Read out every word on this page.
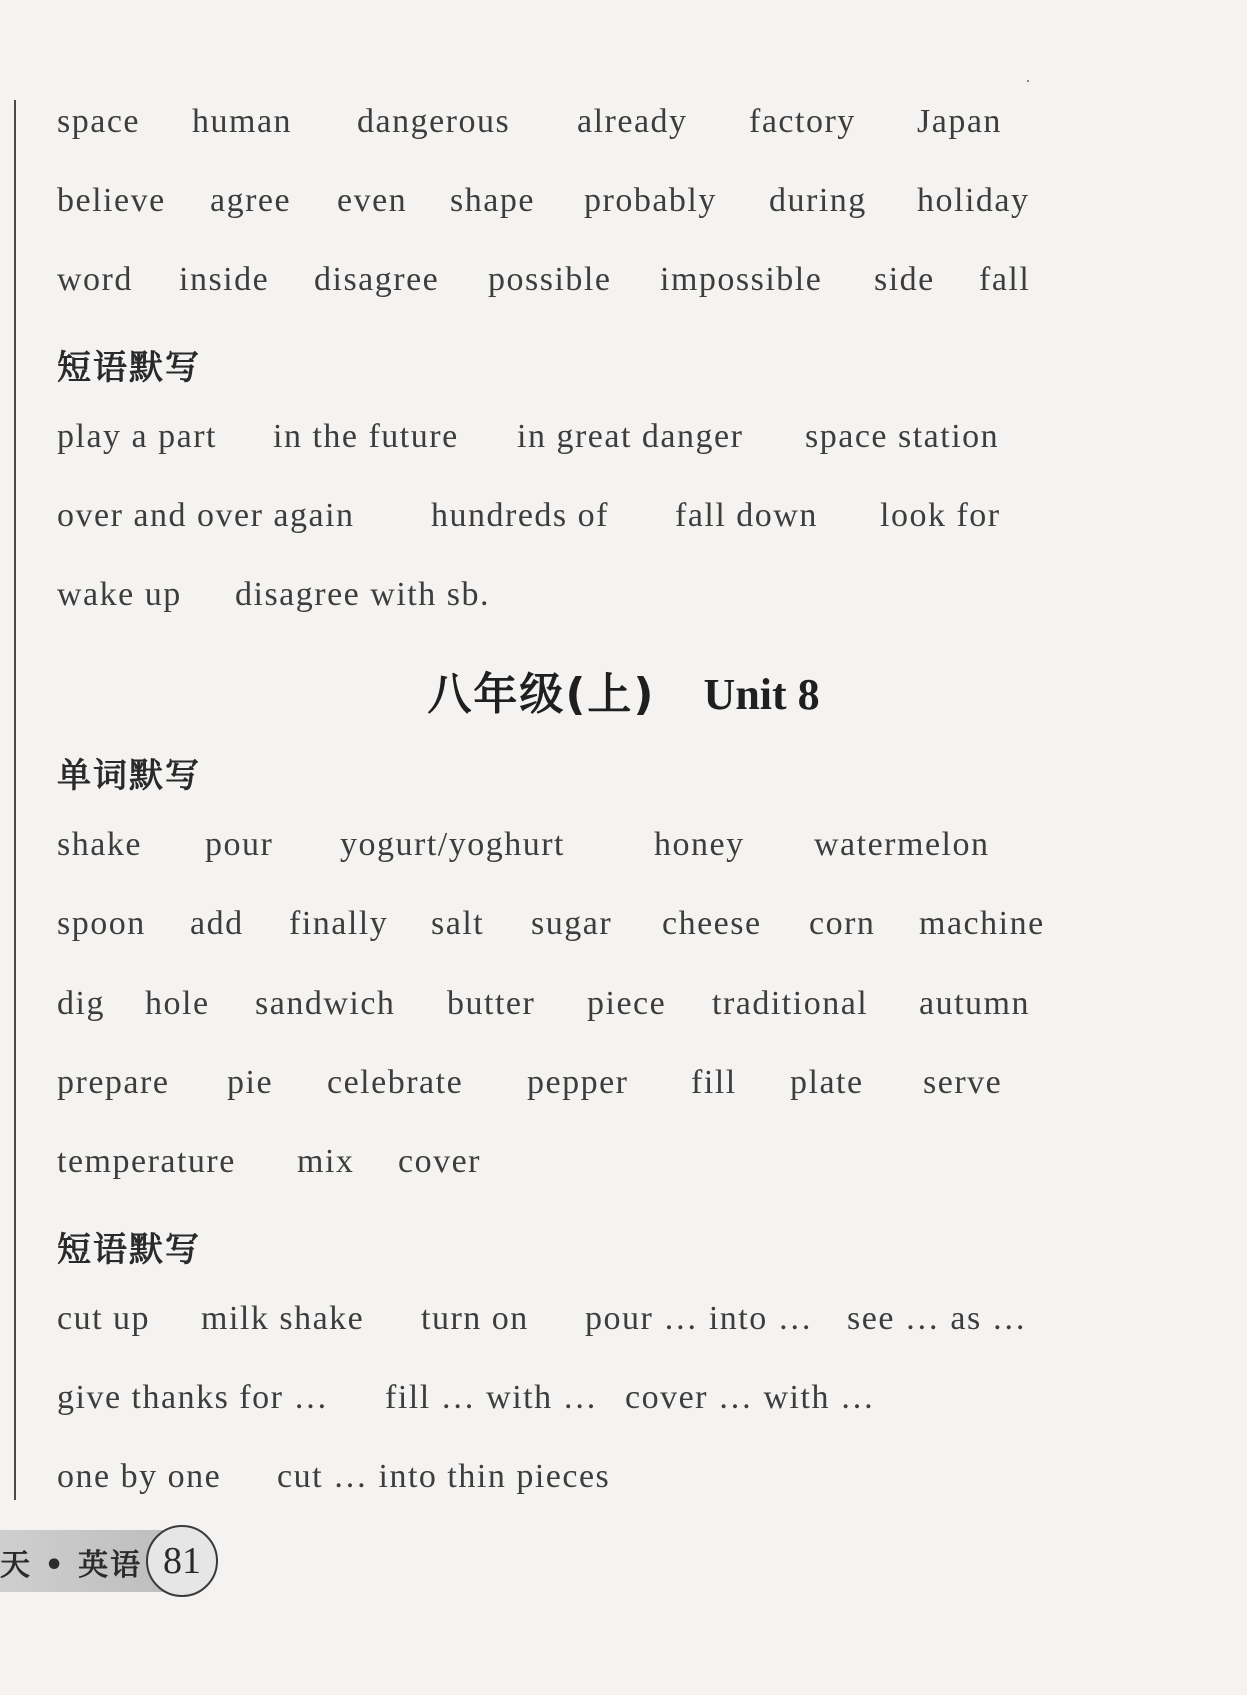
space human dangerous already factory Japan
believe agree even shape probably during holiday
word inside disagree possible impossible side fall
短语默写
play a part in the future in great danger space station
over and over again hundreds of fall down look for
wake up disagree with sb.
八年级(上) Unit 8
单词默写
shake pour yogurt/yoghurt	honey watermelon
spoon add finally salt sugar cheese corn machine
dig hole sandwich butter piece traditional autumn
prepare pie celebrate pepper fill plate serve
temperature mix cover
短语默写
cut up milk shake turn on pour … into … see … as …
give thanks for … fill … with … cover … with …
one by one cut … into thin pieces
天 • 英语 81
